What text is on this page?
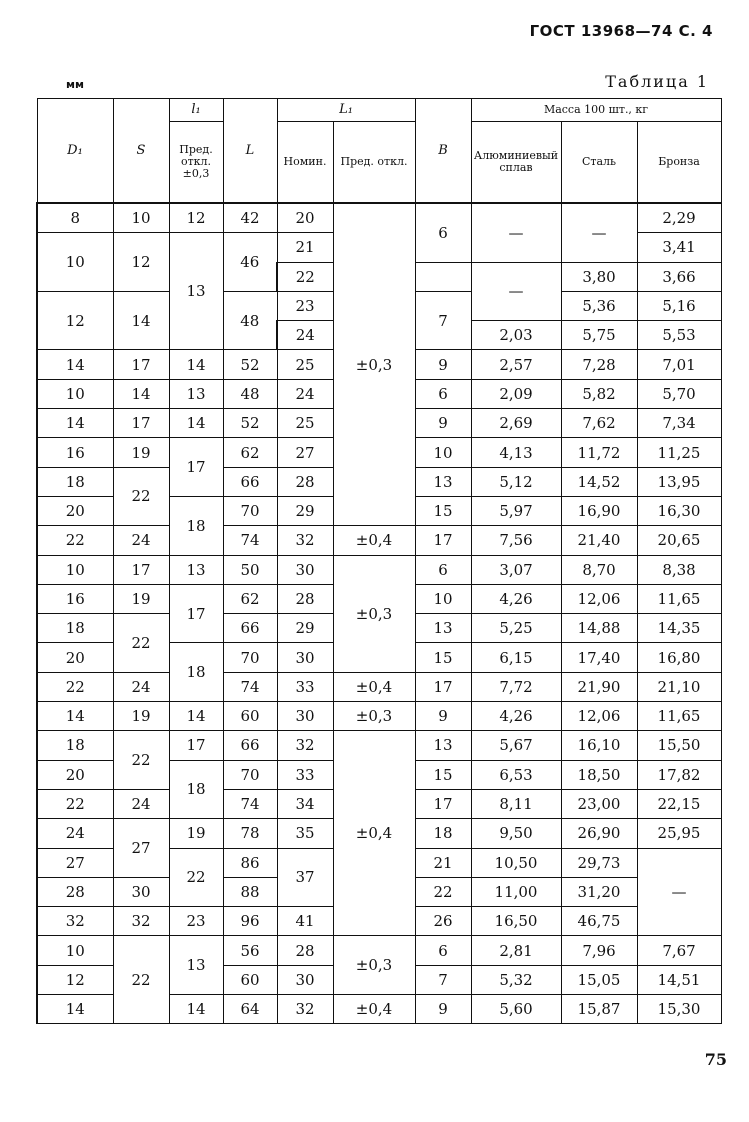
ГОСТ 13968—74 С. 4
мм	Таблица 1
D₁	S	l₁	L	L₁		B	Масса 100 шт., кг		
		Пред. откл. ±0,3		Номин.	Пред. откл.		Алюминиевый сплав	Сталь	Бронза
8	10	12	42	20	±0,3	6	—	—	2,29
10	12	13	46	21					3,41
				22			—	3,80	3,66
12	14		48	23		7		5,36	5,16
				24			2,03	5,75	5,53
14	17	14	52	25		9	2,57	7,28	7,01
10	14	13	48	24		6	2,09	5,82	5,70
14	17	14	52	25		9	2,69	7,62	7,34
16	19	17	62	27		10	4,13	11,72	11,25
18	22		66	28		13	5,12	14,52	13,95
20		18	70	29		15	5,97	16,90	16,30
22	24		74	32	±0,4	17	7,56	21,40	20,65
10	17	13	50	30	±0,3	6	3,07	8,70	8,38
16	19	17	62	28		10	4,26	12,06	11,65
18	22		66	29		13	5,25	14,88	14,35
20		18	70	30		15	6,15	17,40	16,80
22	24		74	33	±0,4	17	7,72	21,90	21,10
14	19	14	60	30	±0,3	9	4,26	12,06	11,65
18	22	17	66	32	±0,4	13	5,67	16,10	15,50
20		18	70	33		15	6,53	18,50	17,82
22	24		74	34		17	8,11	23,00	22,15
24	27	19	78	35		18	9,50	26,90	25,95
27		22	86	37		21	10,50	29,73	—
28	30		88			22	11,00	31,20	
32	32	23	96	41		26	16,50	46,75	
10	22	13	56	28	±0,3	6	2,81	7,96	7,67
12			60	30		7	5,32	15,05	14,51
14		14	64	32	±0,4	9	5,60	15,87	15,30
75
